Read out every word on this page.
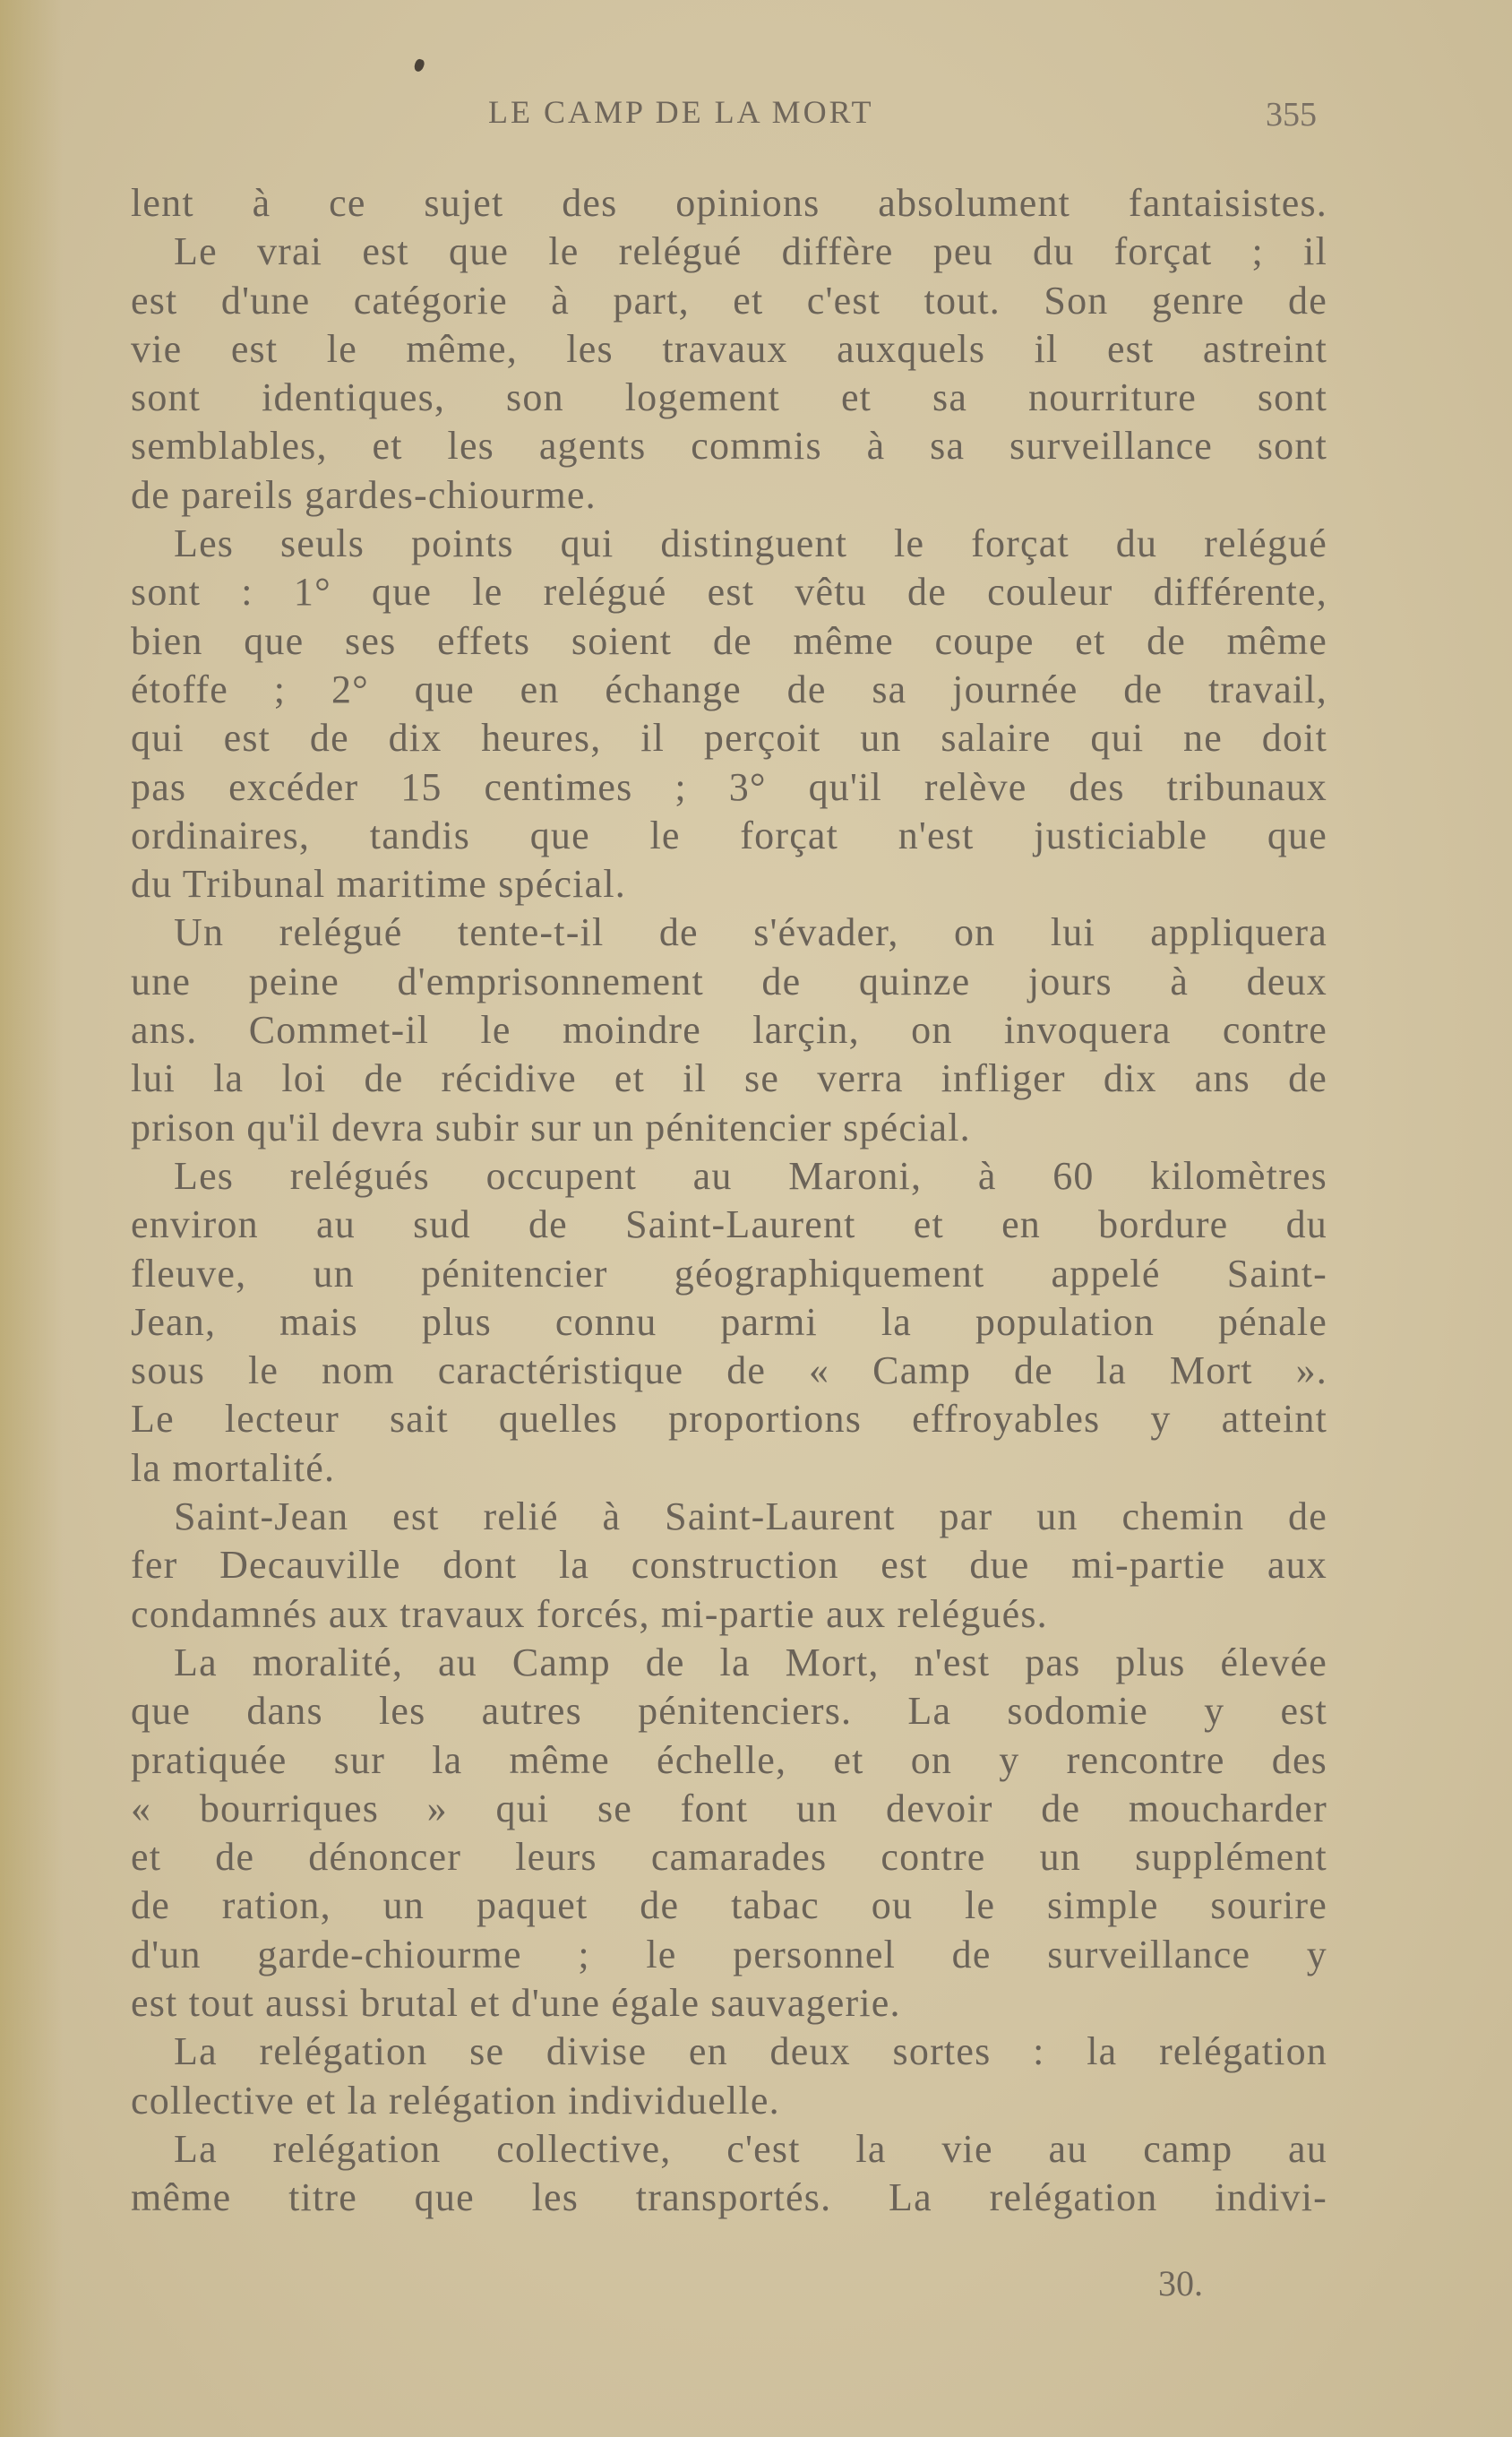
LE CAMP DE LA MORT	355
lent à ce sujet des opinions absolument fantaisistes.
Le vrai est que le relégué diffère peu du forçat ; il
est d'une catégorie à part, et c'est tout. Son genre de
vie est le même, les travaux auxquels il est astreint
sont identiques, son logement et sa nourriture sont
semblables, et les agents commis à sa surveillance sont
de pareils gardes-chiourme.
Les seuls points qui distinguent le forçat du relégué
sont : 1° que le relégué est vêtu de couleur différente,
bien que ses effets soient de même coupe et de même
étoffe ; 2° que en échange de sa journée de travail,
qui est de dix heures, il perçoit un salaire qui ne doit
pas excéder 15 centimes ; 3° qu'il relève des tribunaux
ordinaires, tandis que le forçat n'est justiciable que
du Tribunal maritime spécial.
Un relégué tente-t-il de s'évader, on lui appliquera
une peine d'emprisonnement de quinze jours à deux
ans. Commet-il le moindre larçin, on invoquera contre
lui la loi de récidive et il se verra infliger dix ans de
prison qu'il devra subir sur un pénitencier spécial.
Les relégués occupent au Maroni, à 60 kilomètres
environ au sud de Saint-Laurent et en bordure du
fleuve, un pénitencier géographiquement appelé Saint-
Jean, mais plus connu parmi la population pénale
sous le nom caractéristique de « Camp de la Mort ».
Le lecteur sait quelles proportions effroyables y atteint
la mortalité.
Saint-Jean est relié à Saint-Laurent par un chemin de
fer Decauville dont la construction est due mi-partie aux
condamnés aux travaux forcés, mi-partie aux relégués.
La moralité, au Camp de la Mort, n'est pas plus élevée
que dans les autres pénitenciers. La sodomie y est
pratiquée sur la même échelle, et on y rencontre des
« bourriques » qui se font un devoir de moucharder
et de dénoncer leurs camarades contre un supplément
de ration, un paquet de tabac ou le simple sourire
d'un garde-chiourme ; le personnel de surveillance y
est tout aussi brutal et d'une égale sauvagerie.
La relégation se divise en deux sortes : la relégation
collective et la relégation individuelle.
La relégation collective, c'est la vie au camp au
même titre que les transportés. La relégation indivi-
30.
